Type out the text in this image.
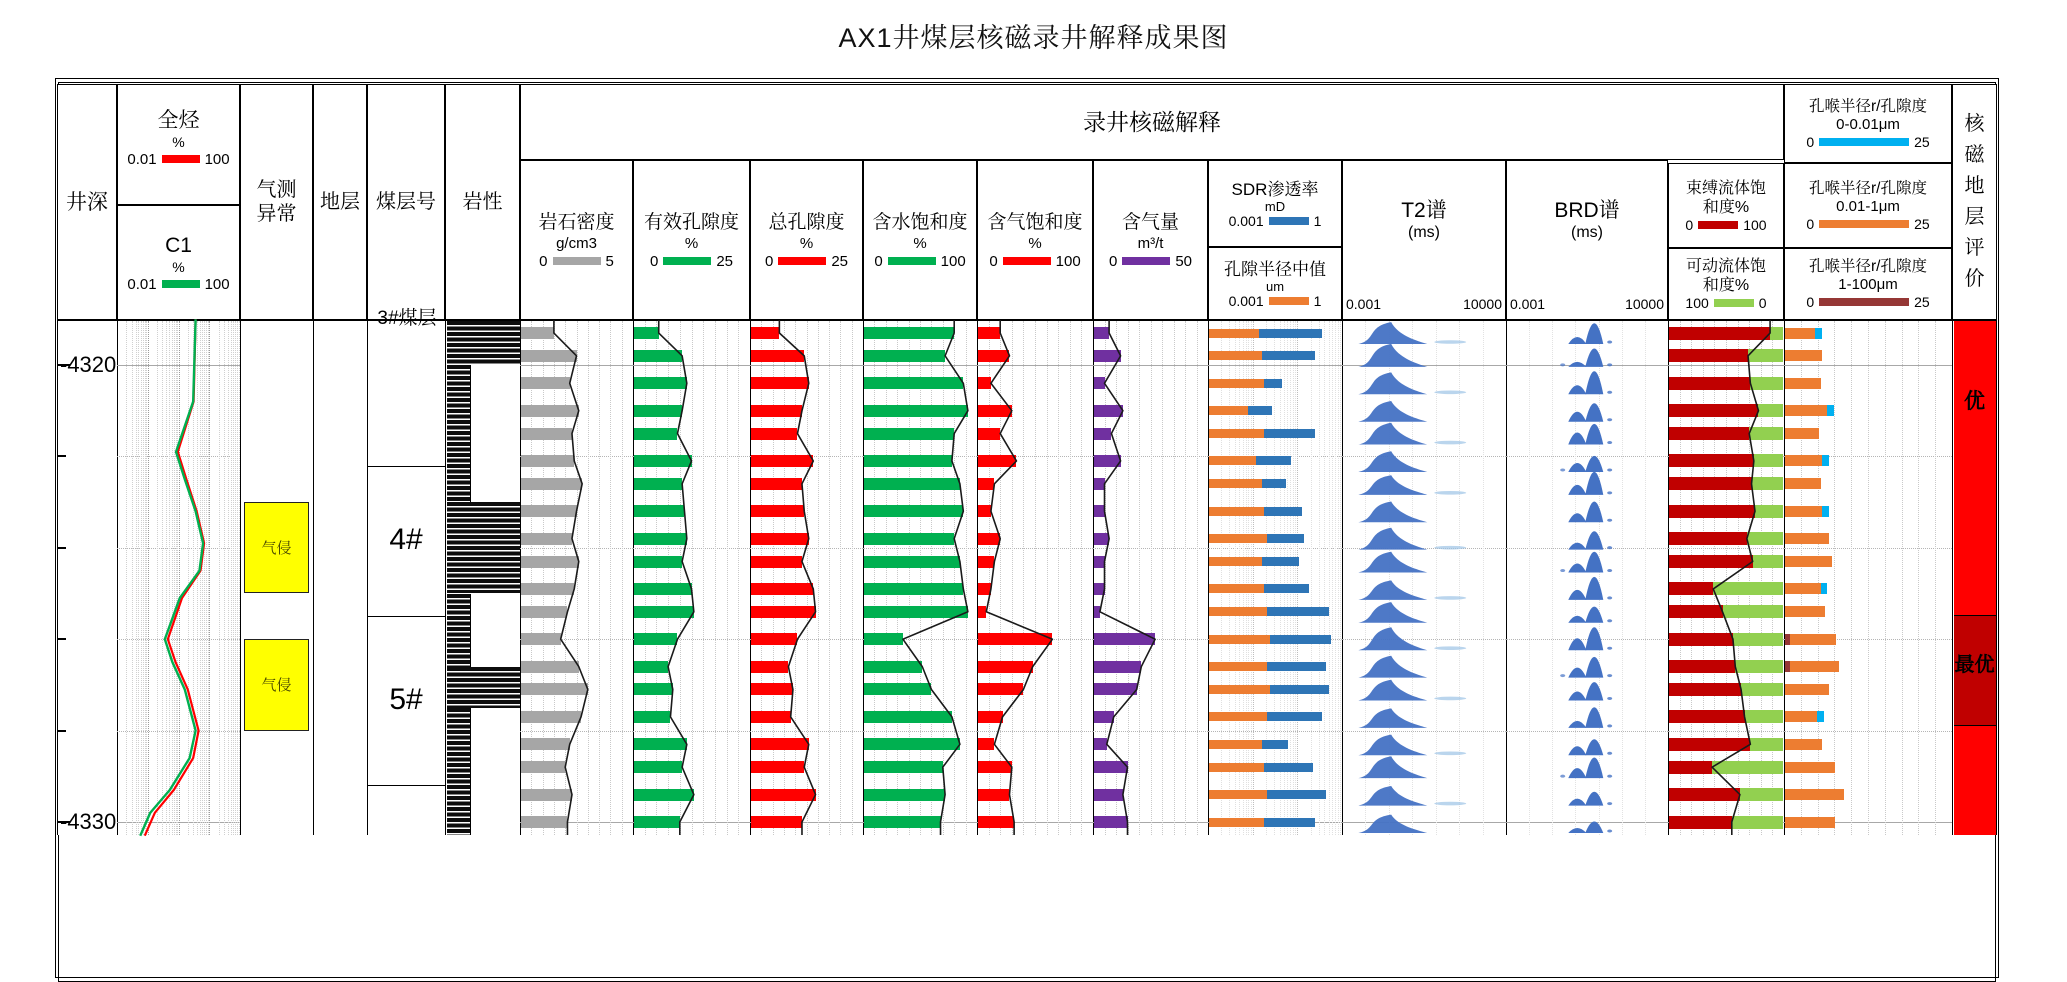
AX1井煤层核磁录井解释成果图
井深
全烃
%
0.01	100
C1
%
0.01	100
气测
异常
地层 煤层号 岩性
录井核磁解释
岩石密度
g/cm3
0	5
有效孔隙度
%
0	25
总孔隙度
%
0	25
含水饱和度
%
0	100
含气饱和度
%
0	100
含气量
m³/t
0	50
SDR渗透率
mD
0.001	1
孔隙半径中值
um
0.001	1
T2谱
(ms)
0.001	10000
BRD谱
(ms)
0.001	10000
束缚流体饱
和度%
0	100
可动流体饱
和度%
100	0
孔喉半径r/孔隙度
0-0.01μm
0	25
孔喉半径r/孔隙度
0.01-1μm
0	25
孔喉半径r/孔隙度
1-100μm
0	25
核磁地层评价
3#煤层
-4320
-4330
气侵
气侵
4#
5#
优
最优
